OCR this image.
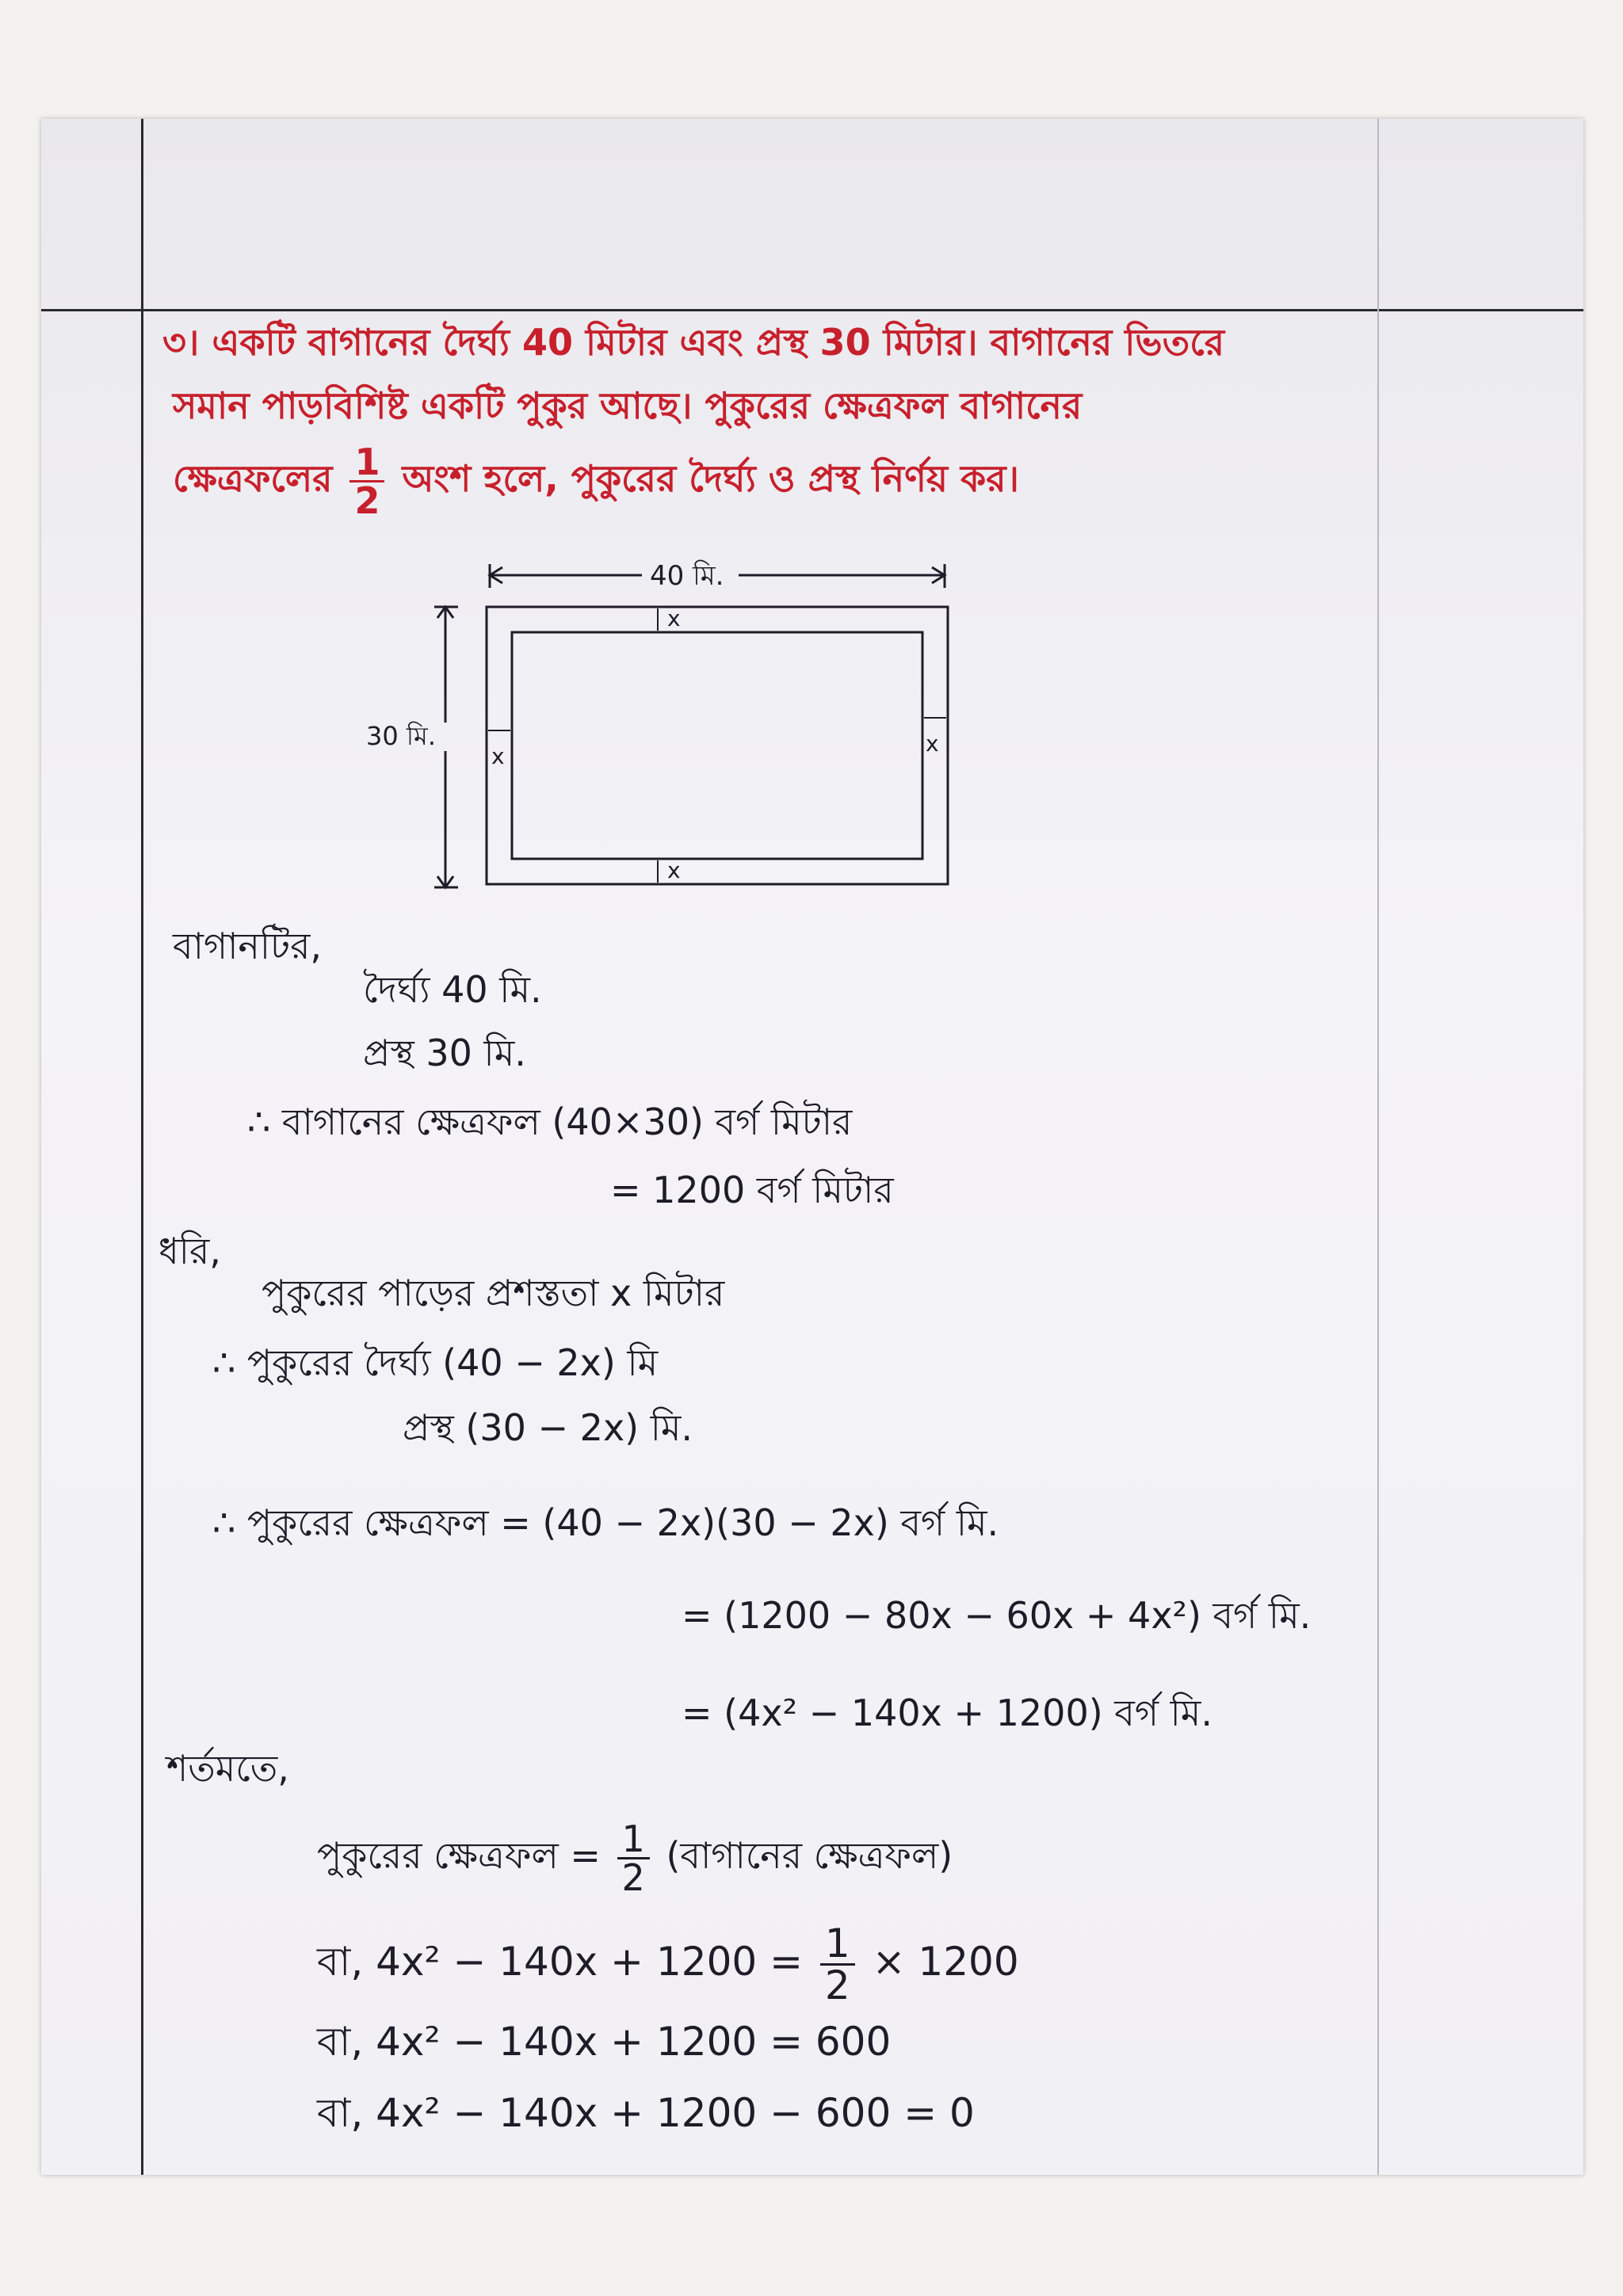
৩। একটি বাগানের দৈর্ঘ্য 40 মিটার এবং প্রস্থ 30 মিটার। বাগানের ভিতরে
সমান পাড়বিশিষ্ট একটি পুকুর আছে। পুকুরের ক্ষেত্রফল বাগানের
ক্ষেত্রফলের $\frac{1}{2}$ অংশ হলে, পুকুরের দৈর্ঘ্য ও প্রস্থ নির্ণয় কর।
40 মি.
30 মি.
x
x
x	x
বাগানটির,
দৈর্ঘ্য 40 মি.
প্রস্থ 30 মি.
∴ বাগানের ক্ষেত্রফল (40×30) বর্গ মিটার
= 1200 বর্গ মিটার
ধরি,
পুকুরের পাড়ের প্রশস্ততা x মিটার
∴ পুকুরের দৈর্ঘ্য (40 − 2x) মি
প্রস্থ (30 − 2x) মি.
∴ পুকুরের ক্ষেত্রফল = (40 − 2x)(30 − 2x) বর্গ মি.
= (1200 − 80x − 60x + 4x²) বর্গ মি.
= (4x² − 140x + 1200) বর্গ মি.
শর্তমতে,
পুকুরের ক্ষেত্রফল = $\frac{1}{2}$ (বাগানের ক্ষেত্রফল)
বা, $4x^2 - 140x + 1200 = \frac{1}{2} \times 1200$
বা, 4x² − 140x + 1200 = 600
বা, 4x² − 140x + 1200 − 600 = 0
